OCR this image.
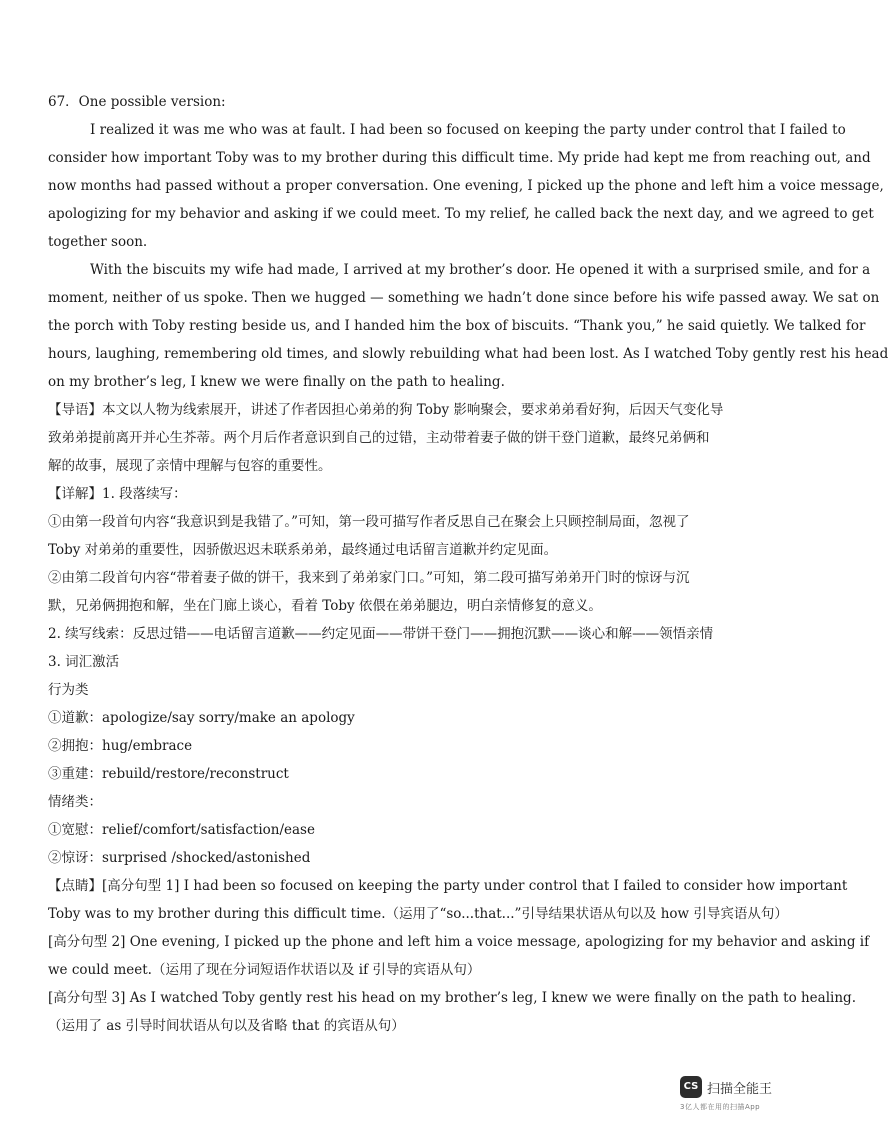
67．One possible version:
I realized it was me who was at fault. I had been so focused on keeping the party under control that I failed to
consider how important Toby was to my brother during this difficult time. My pride had kept me from reaching out, and
now months had passed without a proper conversation. One evening, I picked up the phone and left him a voice message,
apologizing for my behavior and asking if we could meet. To my relief, he called back the next day, and we agreed to get
together soon.
With the biscuits my wife had made, I arrived at my brother’s door. He opened it with a surprised smile, and for a
moment, neither of us spoke. Then we hugged — something we hadn’t done since before his wife passed away. We sat on
the porch with Toby resting beside us, and I handed him the box of biscuits. “Thank you,” he said quietly. We talked for
hours, laughing, remembering old times, and slowly rebuilding what had been lost. As I watched Toby gently rest his head
on my brother’s leg, I knew we were finally on the path to healing.
【导语】本文以人物为线索展开，讲述了作者因担心弟弟的狗 Toby 影响聚会，要求弟弟看好狗，后因天气变化导
致弟弟提前离开并心生芥蒂。两个月后作者意识到自己的过错，主动带着妻子做的饼干登门道歉，最终兄弟俩和
解的故事，展现了亲情中理解与包容的重要性。
【详解】1. 段落续写：
①由第一段首句内容“我意识到是我错了。”可知，第一段可描写作者反思自己在聚会上只顾控制局面，忽视了
Toby 对弟弟的重要性，因骄傲迟迟未联系弟弟，最终通过电话留言道歉并约定见面。
②由第二段首句内容“带着妻子做的饼干，我来到了弟弟家门口。”可知，第二段可描写弟弟开门时的惊讶与沉
默，兄弟俩拥抱和解，坐在门廊上谈心，看着 Toby 依偎在弟弟腿边，明白亲情修复的意义。
2. 续写线索：反思过错——电话留言道歉——约定见面——带饼干登门——拥抱沉默——谈心和解——领悟亲情
3. 词汇激活
行为类
①道歉：apologize/say sorry/make an apology
②拥抱：hug/embrace
③重建：rebuild/restore/reconstruct
情绪类：
①宽慰：relief/comfort/satisfaction/ease
②惊讶：surprised /shocked/astonished
【点睛】[高分句型 1] I had been so focused on keeping the party under control that I failed to consider how important
Toby was to my brother during this difficult time.（运用了“so...that...”引导结果状语从句以及 how 引导宾语从句）
[高分句型 2] One evening, I picked up the phone and left him a voice message, apologizing for my behavior and asking if
we could meet.（运用了现在分词短语作状语以及 if 引导的宾语从句）
[高分句型 3] As I watched Toby gently rest his head on my brother’s leg, I knew we were finally on the path to healing.
（运用了 as 引导时间状语从句以及省略 that 的宾语从句）
CS 扫描全能王
3亿人都在用的扫描App
